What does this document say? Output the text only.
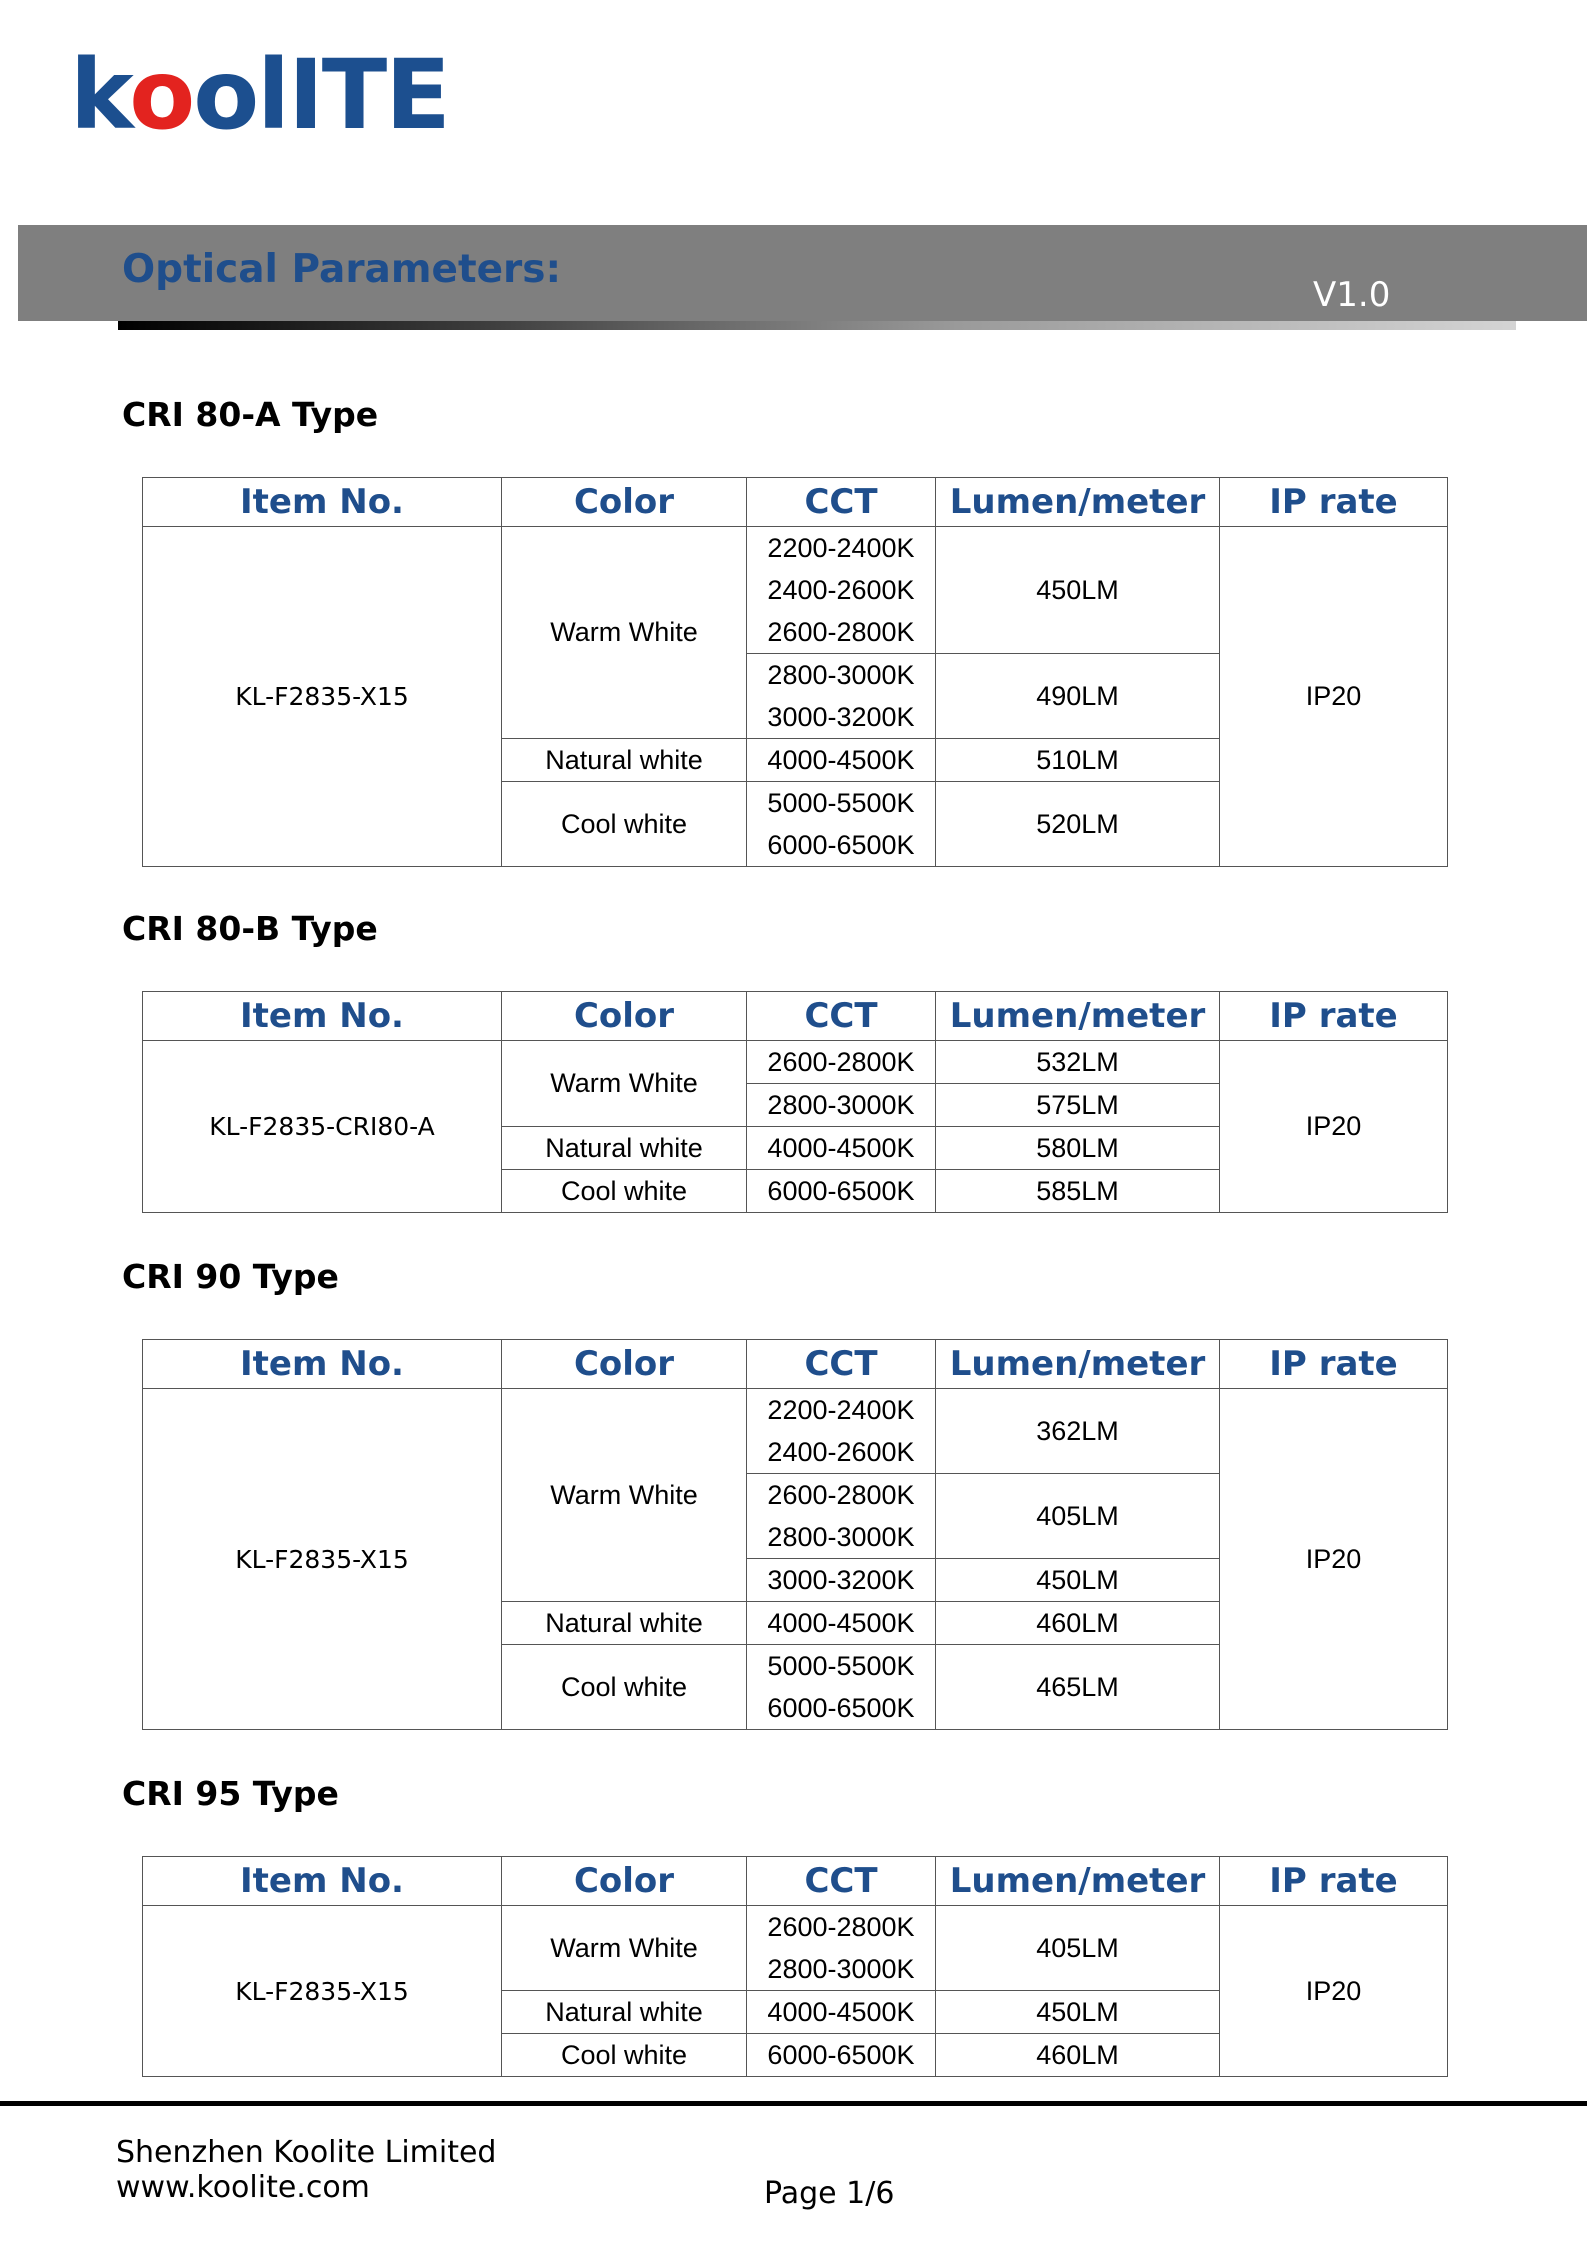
koolITE
Optical Parameters:
V1.0
CRI 80-A Type
Item No.	Color	CCT	Lumen/meter	IP rate
KL-F2835-X15	Warm White	2200-2400K
2400-2600K
2600-2800K	450LM	IP20

		2800-3000K
3000-3200K	490LM	
	Natural white	4000-4500K	510LM	
	Cool white	5000-5500K
6000-6500K	520LM	
CRI 80-B Type
Item No.	Color	CCT	Lumen/meter	IP rate
KL-F2835-CRI80-A	Warm White	2600-2800K	532LM	IP20

		2800-3000K	575LM	
	Natural white	4000-4500K	580LM	
	Cool white	6000-6500K	585LM	
CRI 90 Type
Item No.	Color	CCT	Lumen/meter	IP rate
KL-F2835-X15	Warm White	2200-2400K
2400-2600K	362LM	IP20

		2600-2800K
2800-3000K	405LM	

		3000-3200K	450LM	
	Natural white	4000-4500K	460LM	
	Cool white	5000-5500K
6000-6500K	465LM	
CRI 95 Type
Item No.	Color	CCT	Lumen/meter	IP rate
KL-F2835-X15	Warm White	2600-2800K
2800-3000K	405LM	IP20
	Natural white	4000-4500K	450LM	
	Cool white	6000-6500K	460LM	
Shenzhen Koolite Limited
www.koolite.com	Page 1/6
